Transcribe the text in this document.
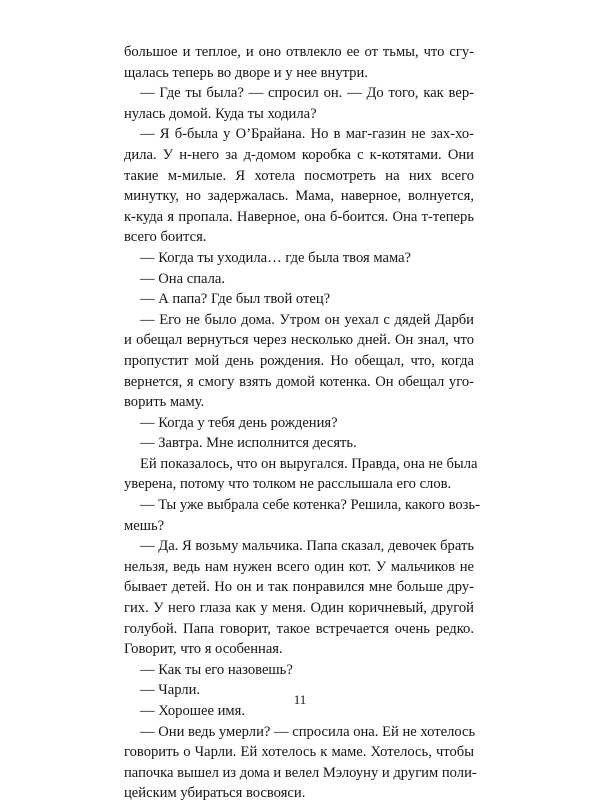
большое и теплое, и оно отвлекло ее от тьмы, что сгу-
щалась теперь во дворе и у нее внутри.
— Где ты была? — спросил он. — До того, как вер-
нулась домой. Куда ты ходила?
— Я б-была у О’Брайана. Но в маг-газин не зах-хо-
дила. У н-него за д-домом коробка с к-котятами. Они
такие м-милые. Я хотела посмотреть на них всего
минутку, но задержалась. Мама, наверное, волнуется,
к-куда я пропала. Наверное, она б-боится. Она т-теперь
всего боится.
— Когда ты уходила… где была твоя мама?
— Она спала.
— А папа? Где был твой отец?
— Его не было дома. Утром он уехал с дядей Дарби
и обещал вернуться через несколько дней. Он знал, что
пропустит мой день рождения. Но обещал, что, когда
вернется, я смогу взять домой котенка. Он обещал уго-
ворить маму.
— Когда у тебя день рождения?
— Завтра. Мне исполнится десять.
Ей показалось, что он выругался. Правда, она не была
уверена, потому что толком не расслышала его слов.
— Ты уже выбрала себе котенка? Решила, какого возь-
мешь?
— Да. Я возьму мальчика. Папа сказал, девочек брать
нельзя, ведь нам нужен всего один кот. У мальчиков не
бывает детей. Но он и так понравился мне больше дру-
гих. У него глаза как у меня. Один коричневый, другой
голубой. Папа говорит, такое встречается очень редко.
Говорит, что я особенная.
— Как ты его назовешь?
— Чарли.
— Хорошее имя.
— Они ведь умерли? — спросила она. Ей не хотелось
говорить о Чарли. Ей хотелось к маме. Хотелось, чтобы
папочка вышел из дома и велел Мэлоуну и другим поли-
цейским убираться восвояси.
11
